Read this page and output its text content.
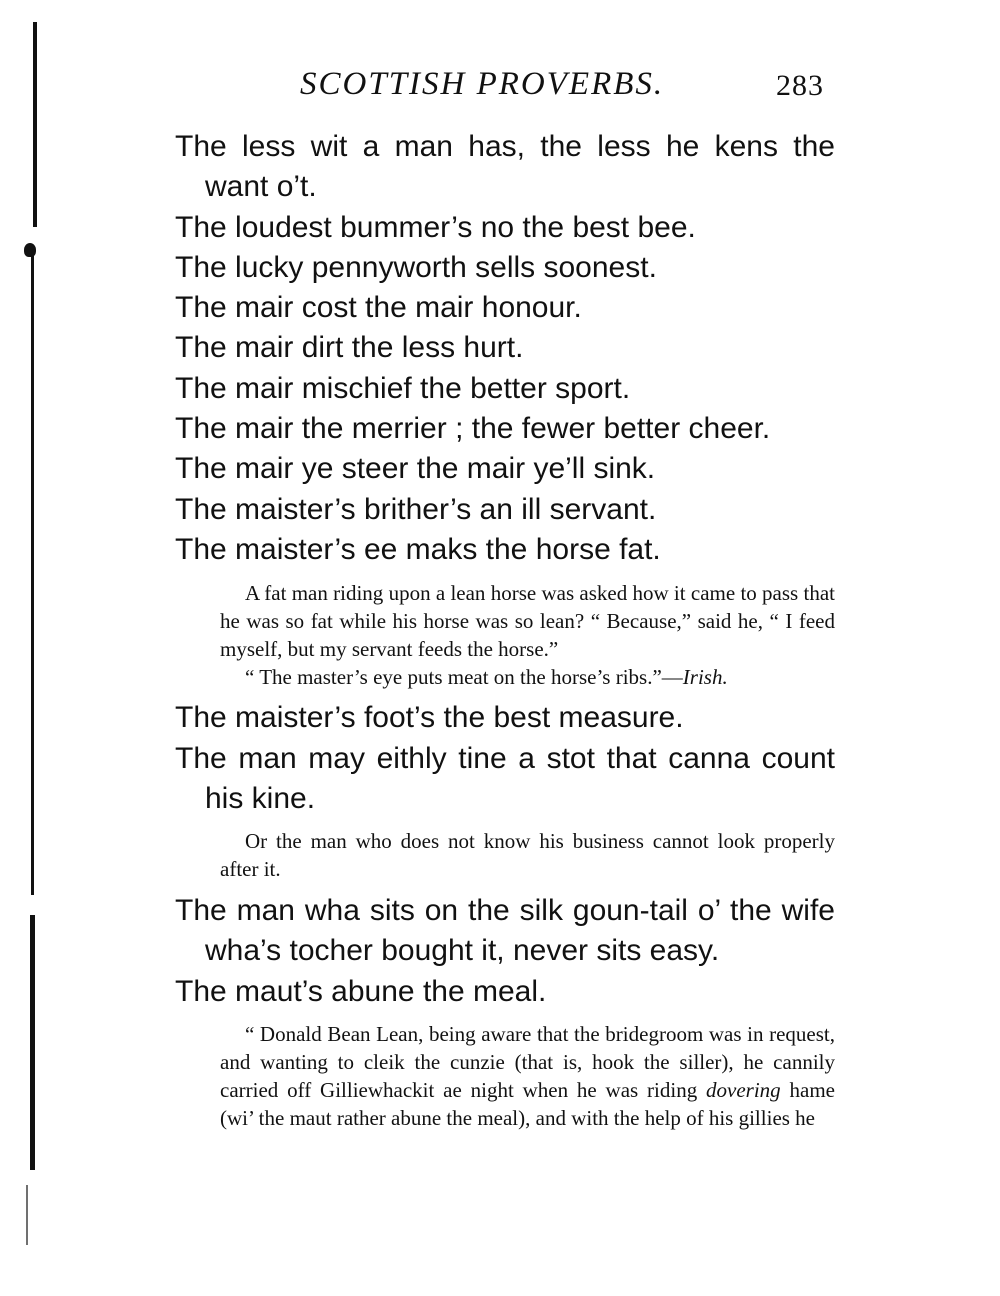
SCOTTISH PROVERBS.	283

The less wit a man has, the less he kens the want o’t.

The loudest bummer’s no the best bee.

The lucky pennyworth sells soonest.

The mair cost the mair honour.

The mair dirt the less hurt.

The mair mischief the better sport.

The mair the merrier ; the fewer better cheer.

The mair ye steer the mair ye’ll sink.

The maister’s brither’s an ill servant.

The maister’s ee maks the horse fat.

A fat man riding upon a lean horse was asked how it came to pass that he was so fat while his horse was so lean? “ Because,” said he, “ I feed myself, but my servant feeds the horse.”

“ The master’s eye puts meat on the horse’s ribs.”—Irish.

The maister’s foot’s the best measure.

The man may eithly tine a stot that canna count his kine.

Or the man who does not know his business cannot look properly after it.

The man wha sits on the silk goun-tail o’ the wife wha’s tocher bought it, never sits easy.

The maut’s abune the meal.

“ Donald Bean Lean, being aware that the bridegroom was in request, and wanting to cleik the cunzie (that is, hook the siller), he cannily carried off Gilliewhackit ae night when he was riding dovering hame (wi’ the maut rather abune the meal), and with the help of his gillies he
